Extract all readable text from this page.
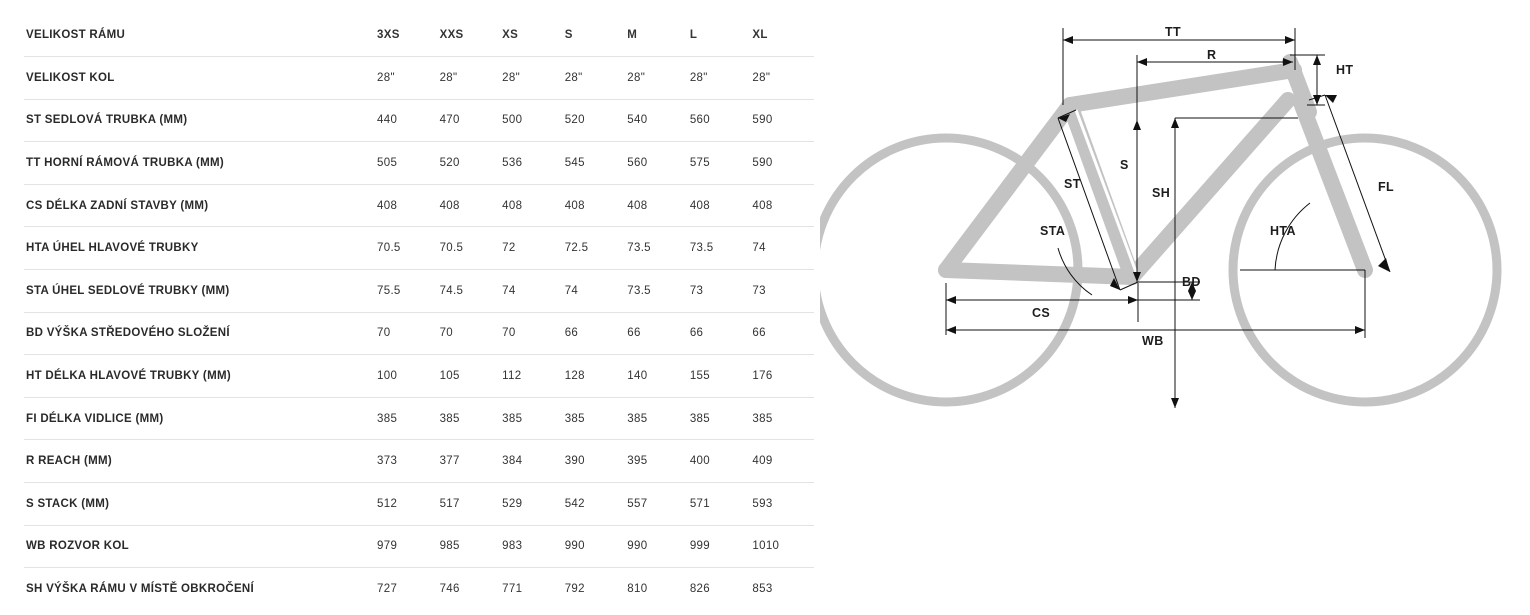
VELIKOST RÁMU	3XS	XXS	XS	S	M	L	XL
VELIKOST KOL	28"	28"	28"	28"	28"	28"	28"
ST SEDLOVÁ TRUBKA (MM)	440	470	500	520	540	560	590
TT HORNÍ RÁMOVÁ TRUBKA (MM)	505	520	536	545	560	575	590
CS DÉLKA ZADNÍ STAVBY (MM)	408	408	408	408	408	408	408
HTA ÚHEL HLAVOVÉ TRUBKY	70.5	70.5	72	72.5	73.5	73.5	74
STA ÚHEL SEDLOVÉ TRUBKY (MM)	75.5	74.5	74	74	73.5	73	73
BD VÝŠKA STŘEDOVÉHO SLOŽENÍ	70	70	70	66	66	66	66
HT DÉLKA HLAVOVÉ TRUBKY (MM)	100	105	112	128	140	155	176
FI DÉLKA VIDLICE (MM)	385	385	385	385	385	385	385
R REACH (MM)	373	377	384	390	395	400	409
S STACK (MM)	512	517	529	542	557	571	593
WB ROZVOR KOL	979	985	983	990	990	999	1010
SH VÝŠKA RÁMU V MÍSTĚ OBKROČENÍ	727	746	771	792	810	826	853
TT
R
HT
ST
S
SH
STA
FL
HTA
BD
CS
WB
